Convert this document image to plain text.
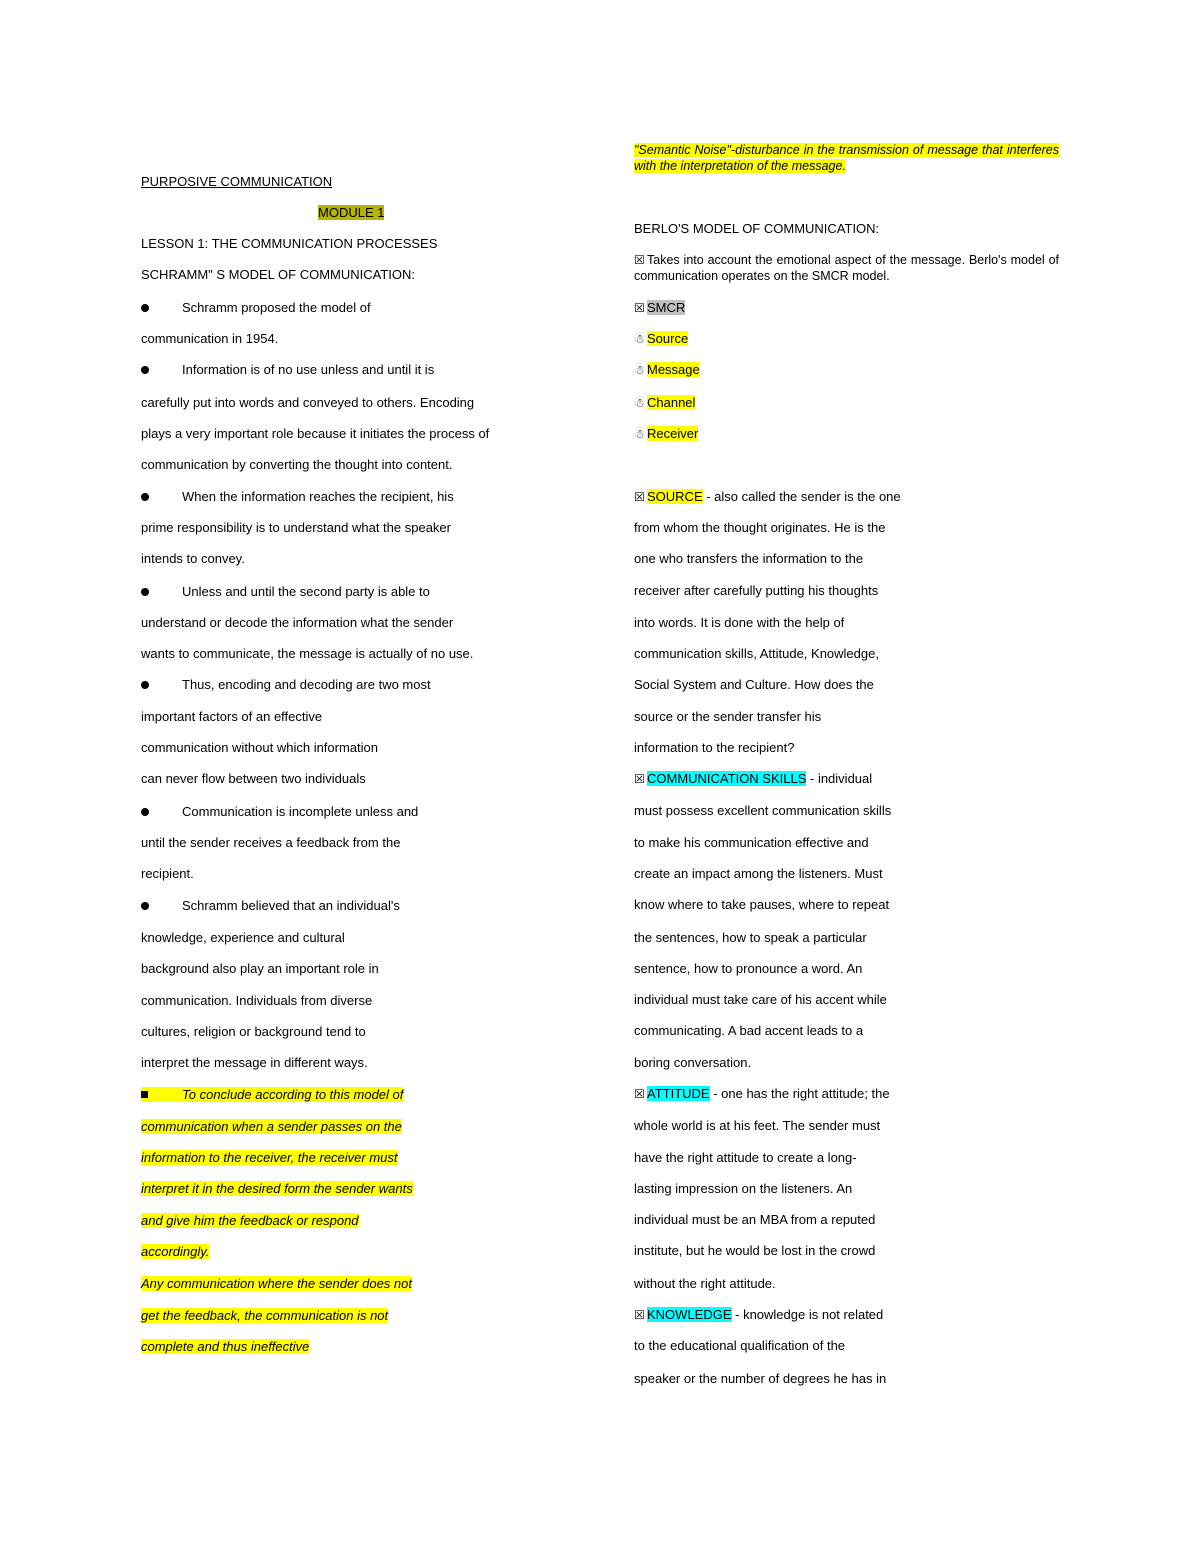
PURPOSIVE COMMUNICATION
MODULE 1
LESSON 1: THE COMMUNICATION PROCESSES
SCHRAMM" S MODEL OF COMMUNICATION:
Schramm proposed the model of
communication in 1954.
Information is of no use unless and until it is
carefully put into words and conveyed to others. Encoding
plays a very important role because it initiates the process of
communication by converting the thought into content.
When the information reaches the recipient, his
prime responsibility is to understand what the speaker
intends to convey.
Unless and until the second party is able to
understand or decode the information what the sender
wants to communicate, the message is actually of no use.
Thus, encoding and decoding are two most
important factors of an effective
communication without which information
can never flow between two individuals
Communication is incomplete unless and
until the sender receives a feedback from the
recipient.
Schramm believed that an individual's
knowledge, experience and cultural
background also play an important role in
communication. Individuals from diverse
cultures, religion or background tend to
interpret the message in different ways.
To conclude according to this model of
communication when a sender passes on the
information to the receiver, the receiver must
interpret it in the desired form the sender wants
and give him the feedback or respond
accordingly.
Any communication where the sender does not
get the feedback, the communication is not
complete and thus ineffective
"Semantic Noise"-disturbance in the transmission of message that interferes with the interpretation of the message.
BERLO'S MODEL OF COMMUNICATION:
☒ Takes into account the emotional aspect of the message. Berlo's model of communication operates on the SMCR model.
☒ SMCR
☃ Source
☃ Message
☃ Channel
☃ Receiver
☒ SOURCE - also called the sender is the one
from whom the thought originates. He is the
one who transfers the information to the
receiver after carefully putting his thoughts
into words. It is done with the help of
communication skills, Attitude, Knowledge,
Social System and Culture. How does the
source or the sender transfer his
information to the recipient?
☒ COMMUNICATION SKILLS - individual
must possess excellent communication skills
to make his communication effective and
create an impact among the listeners. Must
know where to take pauses, where to repeat
the sentences, how to speak a particular
sentence, how to pronounce a word. An
individual must take care of his accent while
communicating. A bad accent leads to a
boring conversation.
☒ ATTITUDE - one has the right attitude; the
whole world is at his feet. The sender must
have the right attitude to create a long-
lasting impression on the listeners. An
individual must be an MBA from a reputed
institute, but he would be lost in the crowd
without the right attitude.
☒ KNOWLEDGE - knowledge is not related
to the educational qualification of the
speaker or the number of degrees he has in
